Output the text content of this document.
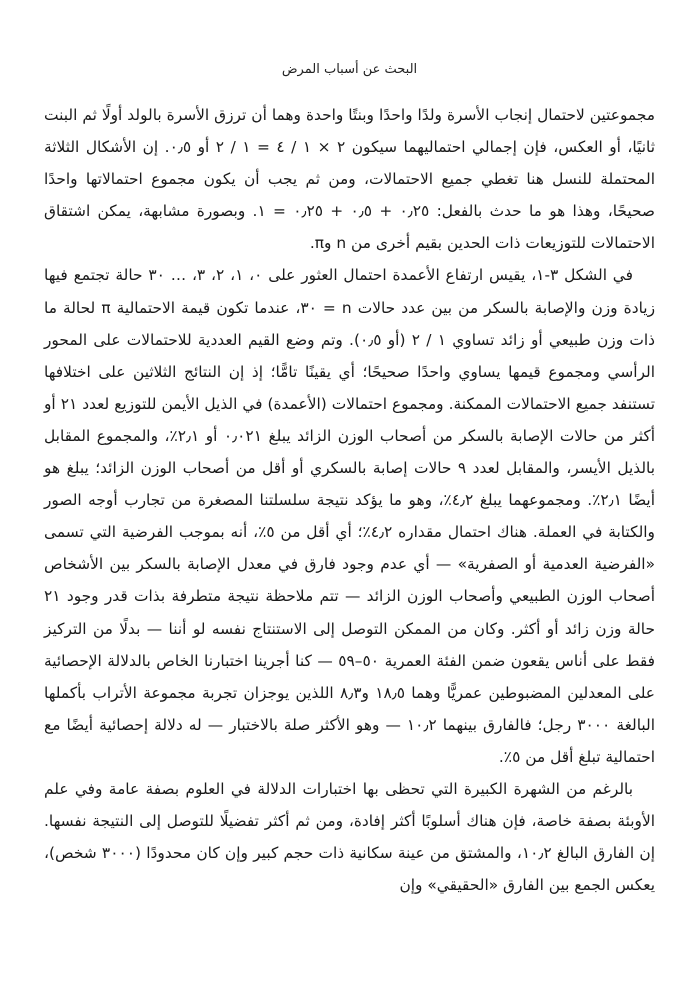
البحث عن أسباب المرض

مجموعتين لاحتمال إنجاب الأسرة ولدًا واحدًا وبنتًا واحدة وهما أن ترزق الأسرة بالولد أولًا ثم البنت ثانيًا، أو العكس، فإن إجمالي احتماليهما سيكون ٢ × ١ / ٤ = ١ / ٢ أو ٠٫٥. إن الأشكال الثلاثة المحتملة للنسل هنا تغطي جميع الاحتمالات، ومن ثم يجب أن يكون مجموع احتمالاتها واحدًا صحيحًا، وهذا هو ما حدث بالفعل: ٠٫٢٥ + ٠٫٥ + ٠٫٢٥ = ١. وبصورة مشابهة، يمكن اشتقاق الاحتمالات للتوزيعات ذات الحدين بقيم أخرى من n وπ.

في الشكل ٣-١، يقيس ارتفاع الأعمدة احتمال العثور على ٠، ١، ٢، ٣، … ٣٠ حالة تجتمع فيها زيادة وزن والإصابة بالسكر من بين عدد حالات n = ٣٠، عندما تكون قيمة الاحتمالية π لحالة ما ذات وزن طبيعي أو زائد تساوي ١ / ٢ (أو ٠٫٥). وتم وضع القيم العددية للاحتمالات على المحور الرأسي ومجموع قيمها يساوي واحدًا صحيحًا؛ أي يقينًا تامًّا؛ إذ إن النتائج الثلاثين على اختلافها تستنفد جميع الاحتمالات الممكنة. ومجموع احتمالات (الأعمدة) في الذيل الأيمن للتوزيع لعدد ٢١ أو أكثر من حالات الإصابة بالسكر من أصحاب الوزن الزائد يبلغ ٠٫٠٢١ أو ٢٫١٪، والمجموع المقابل بالذيل الأيسر، والمقابل لعدد ٩ حالات إصابة بالسكري أو أقل من أصحاب الوزن الزائد؛ يبلغ هو أيضًا ٢٫١٪. ومجموعهما يبلغ ٤٫٢٪، وهو ما يؤكد نتيجة سلسلتنا المصغرة من تجارب أوجه الصور والكتابة في العملة. هناك احتمال مقداره ٤٫٢٪؛ أي أقل من ٥٪، أنه بموجب الفرضية التي تسمى «الفرضية العدمية أو الصفرية» — أي عدم وجود فارق في معدل الإصابة بالسكر بين الأشخاص أصحاب الوزن الطبيعي وأصحاب الوزن الزائد — تتم ملاحظة نتيجة متطرفة بذات قدر وجود ٢١ حالة وزن زائد أو أكثر. وكان من الممكن التوصل إلى الاستنتاج نفسه لو أننا — بدلًا من التركيز فقط على أناس يقعون ضمن الفئة العمرية ٥٠–٥٩ — كنا أجرينا اختبارنا الخاص بالدلالة الإحصائية على المعدلين المضبوطين عمريًّا وهما ١٨٫٥ و٨٫٣ اللذين يوجزان تجربة مجموعة الأتراب بأكملها البالغة ٣٠٠٠ رجل؛ فالفارق بينهما ١٠٫٢ — وهو الأكثر صلة بالاختبار — له دلالة إحصائية أيضًا مع احتمالية تبلغ أقل من ٥٪.

بالرغم من الشهرة الكبيرة التي تحظى بها اختبارات الدلالة في العلوم بصفة عامة وفي علم الأوبئة بصفة خاصة، فإن هناك أسلوبًا أكثر إفادة، ومن ثم أكثر تفضيلًا للتوصل إلى النتيجة نفسها. إن الفارق البالغ ١٠٫٢، والمشتق من عينة سكانية ذات حجم كبير وإن كان محدودًا (٣٠٠٠ شخص)، يعكس الجمع بين الفارق «الحقيقي» وإن
